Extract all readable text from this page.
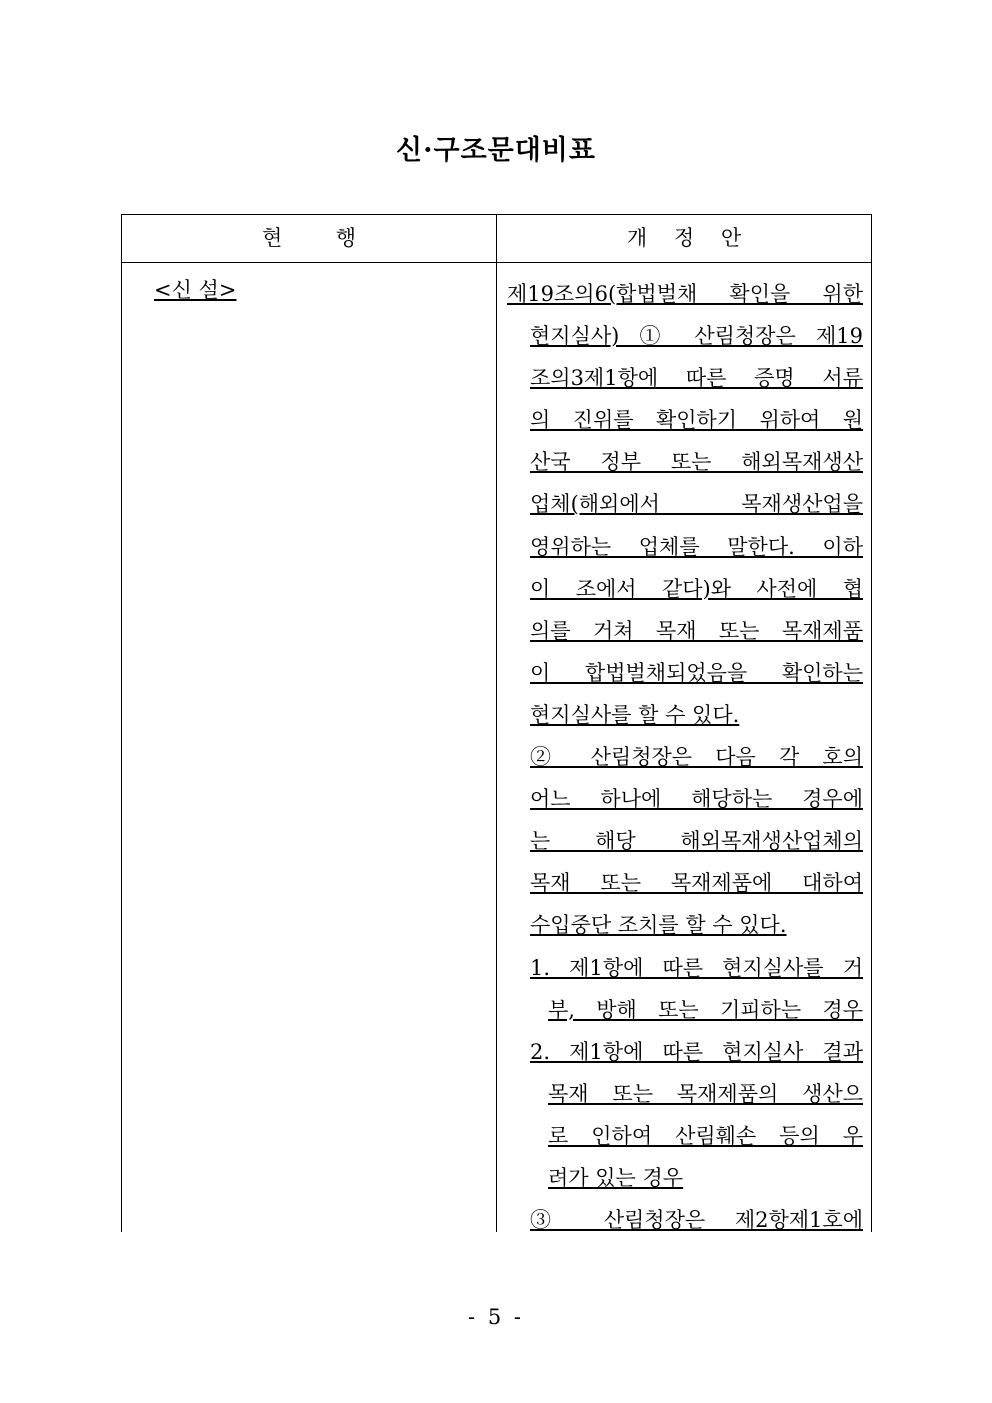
신·구조문대비표
현        행	개    정    안
<신 설>	제19조의6(합법벌채 확인을 위한
현지실사) ① 산림청장은 제19
조의3제1항에 따른 증명 서류
의 진위를 확인하기 위하여 원
산국 정부 또는 해외목재생산
업체(해외에서 목재생산업을
영위하는 업체를 말한다. 이하
이 조에서 같다)와 사전에 협
의를 거쳐 목재 또는 목재제품
이 합법벌채되었음을 확인하는
현지실사를 할 수 있다.
② 산림청장은 다음 각 호의
어느 하나에 해당하는 경우에
는 해당 해외목재생산업체의
목재 또는 목재제품에 대하여
수입중단 조치를 할 수 있다.
1. 제1항에 따른 현지실사를 거
부, 방해 또는 기피하는 경우
2. 제1항에 따른 현지실사 결과
목재 또는 목재제품의 생산으
로 인하여 산림훼손 등의 우
려가 있는 경우
③ 산림청장은 제2항제1호에
- 5 -
